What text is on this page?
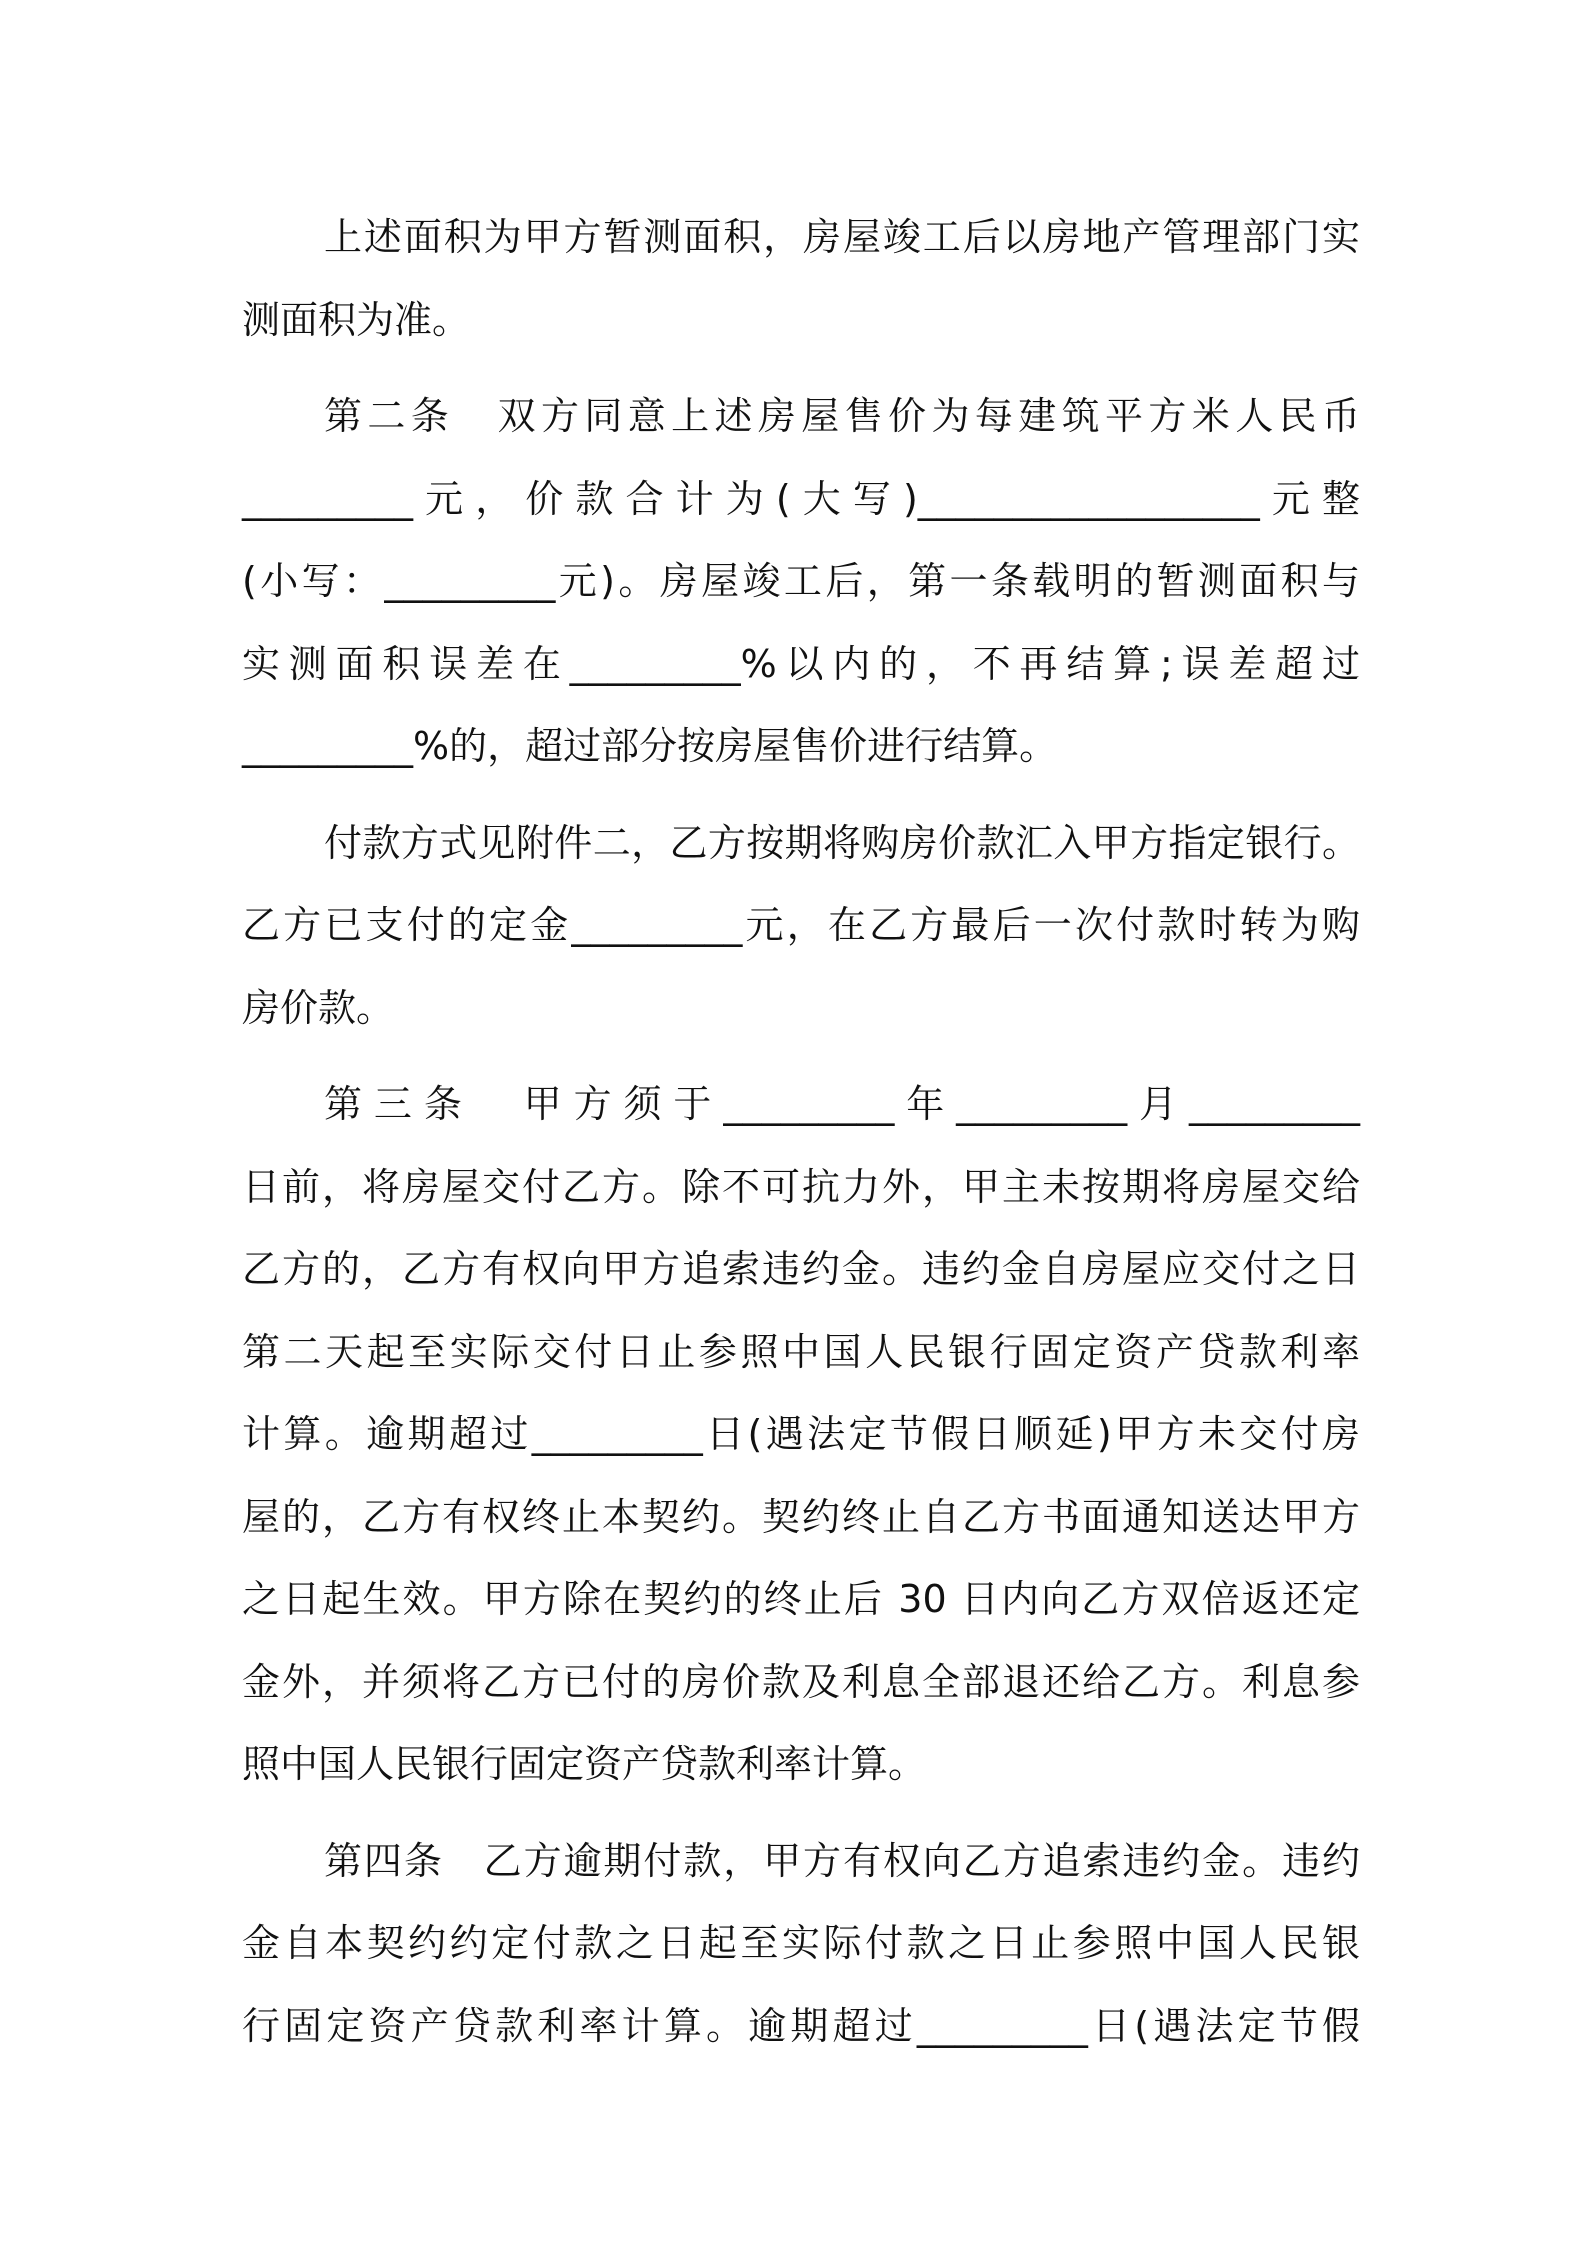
上述面积为甲方暂测面积，房屋竣工后以房地产管理部门实
测面积为准。
第二条　双方同意上述房屋售价为每建筑平方米人民币
_________元，价款合计为(大写)__________________元整
(小写：_________元)。房屋竣工后，第一条载明的暂测面积与
实测面积误差在_________%以内的，不再结算;误差超过
_________%的，超过部分按房屋售价进行结算。
付款方式见附件二，乙方按期将购房价款汇入甲方指定银行。
乙方已支付的定金_________元，在乙方最后一次付款时转为购
房价款。
第三条　甲方须于_________年_________月_________
日前，将房屋交付乙方。除不可抗力外，甲主未按期将房屋交给
乙方的，乙方有权向甲方追索违约金。违约金自房屋应交付之日
第二天起至实际交付日止参照中国人民银行固定资产贷款利率
计算。逾期超过_________日(遇法定节假日顺延)甲方未交付房
屋的，乙方有权终止本契约。契约终止自乙方书面通知送达甲方
之日起生效。甲方除在契约的终止后 30 日内向乙方双倍返还定
金外，并须将乙方已付的房价款及利息全部退还给乙方。利息参
照中国人民银行固定资产贷款利率计算。
第四条　乙方逾期付款，甲方有权向乙方追索违约金。违约
金自本契约约定付款之日起至实际付款之日止参照中国人民银
行固定资产贷款利率计算。逾期超过_________日(遇法定节假
